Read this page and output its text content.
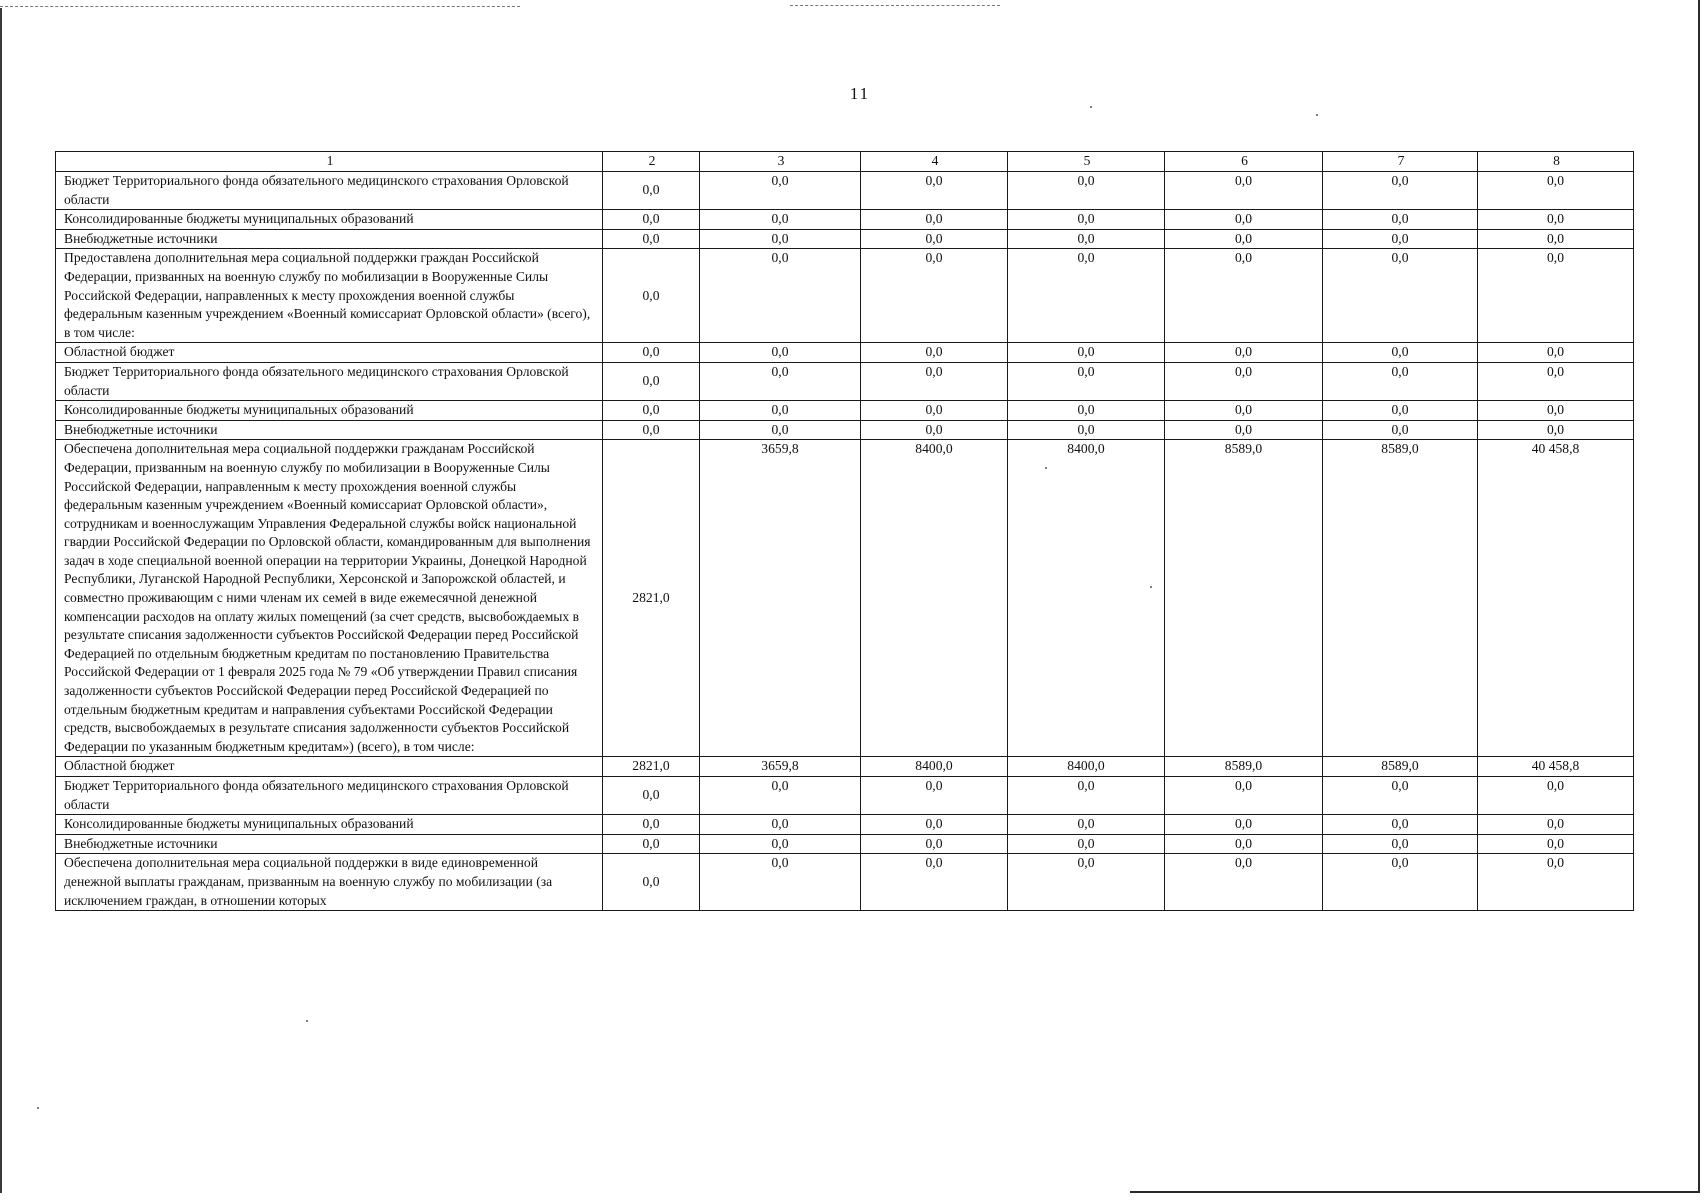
11
1	2	3	4	5	6	7	8
Бюджет Территориального фонда обязательного медицинского страхования Орловской области	0,0	0,0	0,0	0,0	0,0	0,0	0,0
Консолидированные бюджеты муниципальных образований	0,0	0,0	0,0	0,0	0,0	0,0	0,0
Внебюджетные источники	0,0	0,0	0,0	0,0	0,0	0,0	0,0
Предоставлена дополнительная мера социальной поддержки граждан Российской Федерации, призванных на военную службу по мобилизации в Вооруженные Силы Российской Федерации, направленных к месту прохождения военной службы федеральным казенным учреждением «Военный комиссариат Орловской области» (всего), в том числе:	0,0	0,0	0,0	0,0	0,0	0,0	0,0
Областной бюджет	0,0	0,0	0,0	0,0	0,0	0,0	0,0
Бюджет Территориального фонда обязательного медицинского страхования Орловской области	0,0	0,0	0,0	0,0	0,0	0,0	0,0
Консолидированные бюджеты муниципальных образований	0,0	0,0	0,0	0,0	0,0	0,0	0,0
Внебюджетные источники	0,0	0,0	0,0	0,0	0,0	0,0	0,0
Обеспечена дополнительная мера социальной поддержки гражданам Российской Федерации, призванным на военную службу по мобилизации в Вооруженные Силы Российской Федерации, направленным к месту прохождения военной службы федеральным казенным учреждением «Военный комиссариат Орловской области», сотрудникам и военнослужащим Управления Федеральной службы войск национальной гвардии Российской Федерации по Орловской области, командированным для выполнения задач в ходе специальной военной операции на территории Украины, Донецкой Народной Республики, Луганской Народной Республики, Херсонской и Запорожской областей, и совместно проживающим с ними членам их семей в виде ежемесячной денежной компенсации расходов на оплату жилых помещений (за счет средств, высвобождаемых в результате списания задолженности субъектов Российской Федерации перед Российской Федерацией по отдельным бюджетным кредитам по постановлению Правительства Российской Федерации от 1 февраля 2025 года № 79 «Об утверждении Правил списания задолженности субъектов Российской Федерации перед Российской Федерацией по отдельным бюджетным кредитам и направления субъектами Российской Федерации средств, высвобождаемых в результате списания задолженности субъектов Российской Федерации по указанным бюджетным кредитам») (всего), в том числе:	2821,0	3659,8	8400,0	8400,0	8589,0	8589,0	40 458,8
Областной бюджет	2821,0	3659,8	8400,0	8400,0	8589,0	8589,0	40 458,8
Бюджет Территориального фонда обязательного медицинского страхования Орловской области	0,0	0,0	0,0	0,0	0,0	0,0	0,0
Консолидированные бюджеты муниципальных образований	0,0	0,0	0,0	0,0	0,0	0,0	0,0
Внебюджетные источники	0,0	0,0	0,0	0,0	0,0	0,0	0,0
Обеспечена дополнительная мера социальной поддержки в виде единовременной денежной выплаты гражданам, призванным на военную службу по мобилизации (за исключением граждан, в отношении которых	0,0	0,0	0,0	0,0	0,0	0,0	0,0
